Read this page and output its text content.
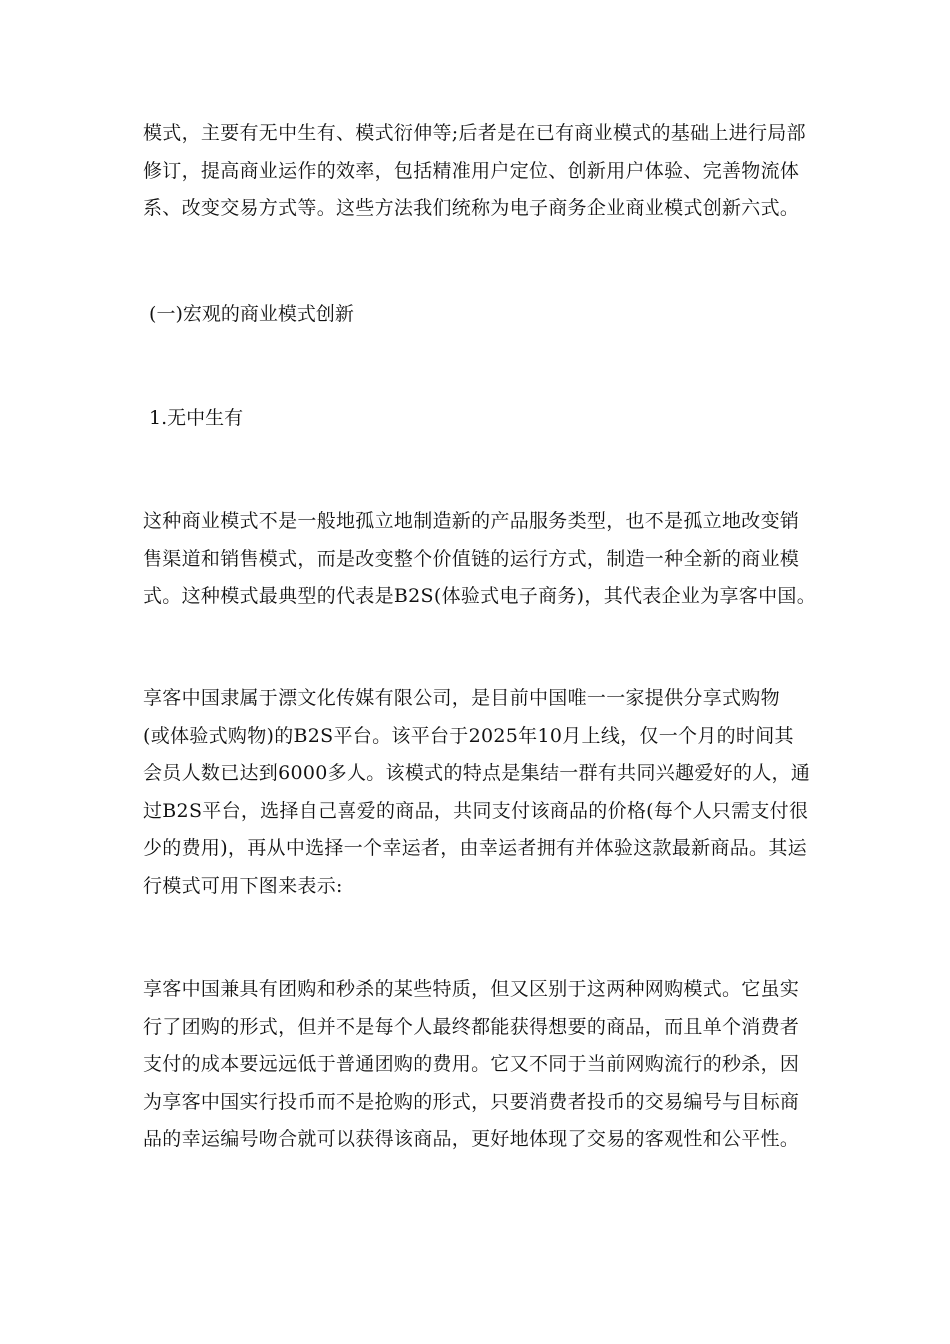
模式，主要有无中生有、模式衍伸等;后者是在已有商业模式的基础上进行局部
修订，提高商业运作的效率，包括精准用户定位、创新用户体验、完善物流体
系、改变交易方式等。这些方法我们统称为电子商务企业商业模式创新六式。

(一)宏观的商业模式创新

1.无中生有

这种商业模式不是一般地孤立地制造新的产品服务类型，也不是孤立地改变销
售渠道和销售模式，而是改变整个价值链的运行方式，制造一种全新的商业模
式。这种模式最典型的代表是B2S(体验式电子商务)，其代表企业为享客中国。

享客中国隶属于漂文化传媒有限公司，是目前中国唯一一家提供分享式购物
(或体验式购物)的B2S平台。该平台于2025年10月上线，仅一个月的时间其
会员人数已达到6000多人。该模式的特点是集结一群有共同兴趣爱好的人，通
过B2S平台，选择自己喜爱的商品，共同支付该商品的价格(每个人只需支付很
少的费用)，再从中选择一个幸运者，由幸运者拥有并体验这款最新商品。其运
行模式可用下图来表示:

享客中国兼具有团购和秒杀的某些特质，但又区别于这两种网购模式。它虽实
行了团购的形式，但并不是每个人最终都能获得想要的商品，而且单个消费者
支付的成本要远远低于普通团购的费用。它又不同于当前网购流行的秒杀，因
为享客中国实行投币而不是抢购的形式，只要消费者投币的交易编号与目标商
品的幸运编号吻合就可以获得该商品，更好地体现了交易的客观性和公平性。
